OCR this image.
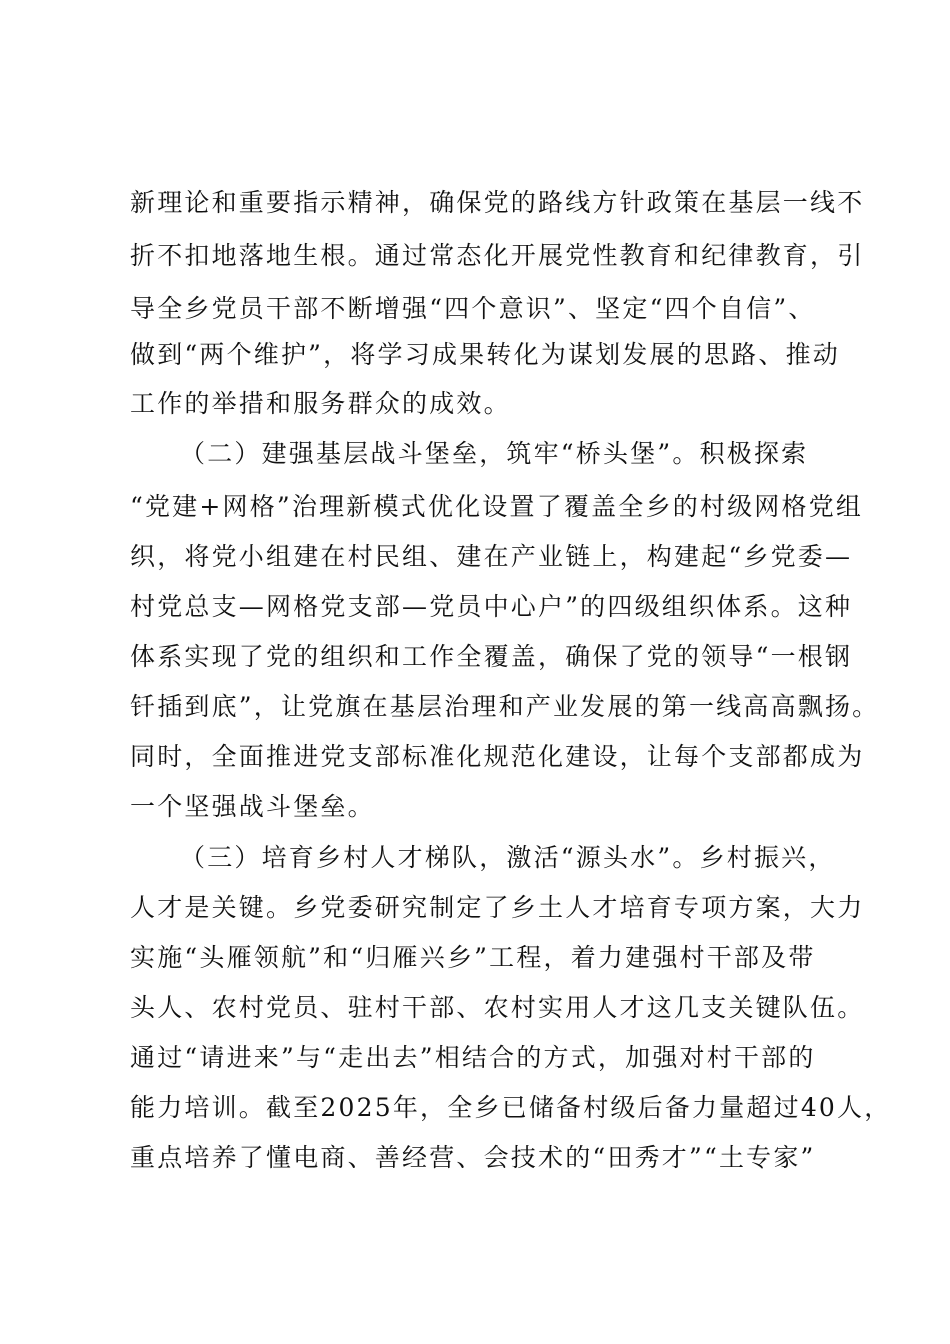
新理论和重要指示精神，确保党的路线方针政策在基层一线不
折不扣地落地生根。通过常态化开展党性教育和纪律教育，引
导全乡党员干部不断增强“四个意识”、坚定“四个自信”、
做到“两个维护”，将学习成果转化为谋划发展的思路、推动
工作的举措和服务群众的成效。
（二）建强基层战斗堡垒，筑牢“桥头堡”。积极探索
“党建+网格”治理新模式优化设置了覆盖全乡的村级网格党组
织，将党小组建在村民组、建在产业链上，构建起“乡党委—
村党总支—网格党支部—党员中心户”的四级组织体系。这种
体系实现了党的组织和工作全覆盖，确保了党的领导“一根钢
钎插到底”，让党旗在基层治理和产业发展的第一线高高飘扬。
同时，全面推进党支部标准化规范化建设，让每个支部都成为
一个坚强战斗堡垒。
（三）培育乡村人才梯队，激活“源头水”。乡村振兴，
人才是关键。乡党委研究制定了乡土人才培育专项方案，大力
实施“头雁领航”和“归雁兴乡”工程，着力建强村干部及带
头人、农村党员、驻村干部、农村实用人才这几支关键队伍。
通过“请进来”与“走出去”相结合的方式，加强对村干部的
能力培训。截至2025年，全乡已储备村级后备力量超过40人，
重点培养了懂电商、善经营、会技术的“田秀才”“土专家”
